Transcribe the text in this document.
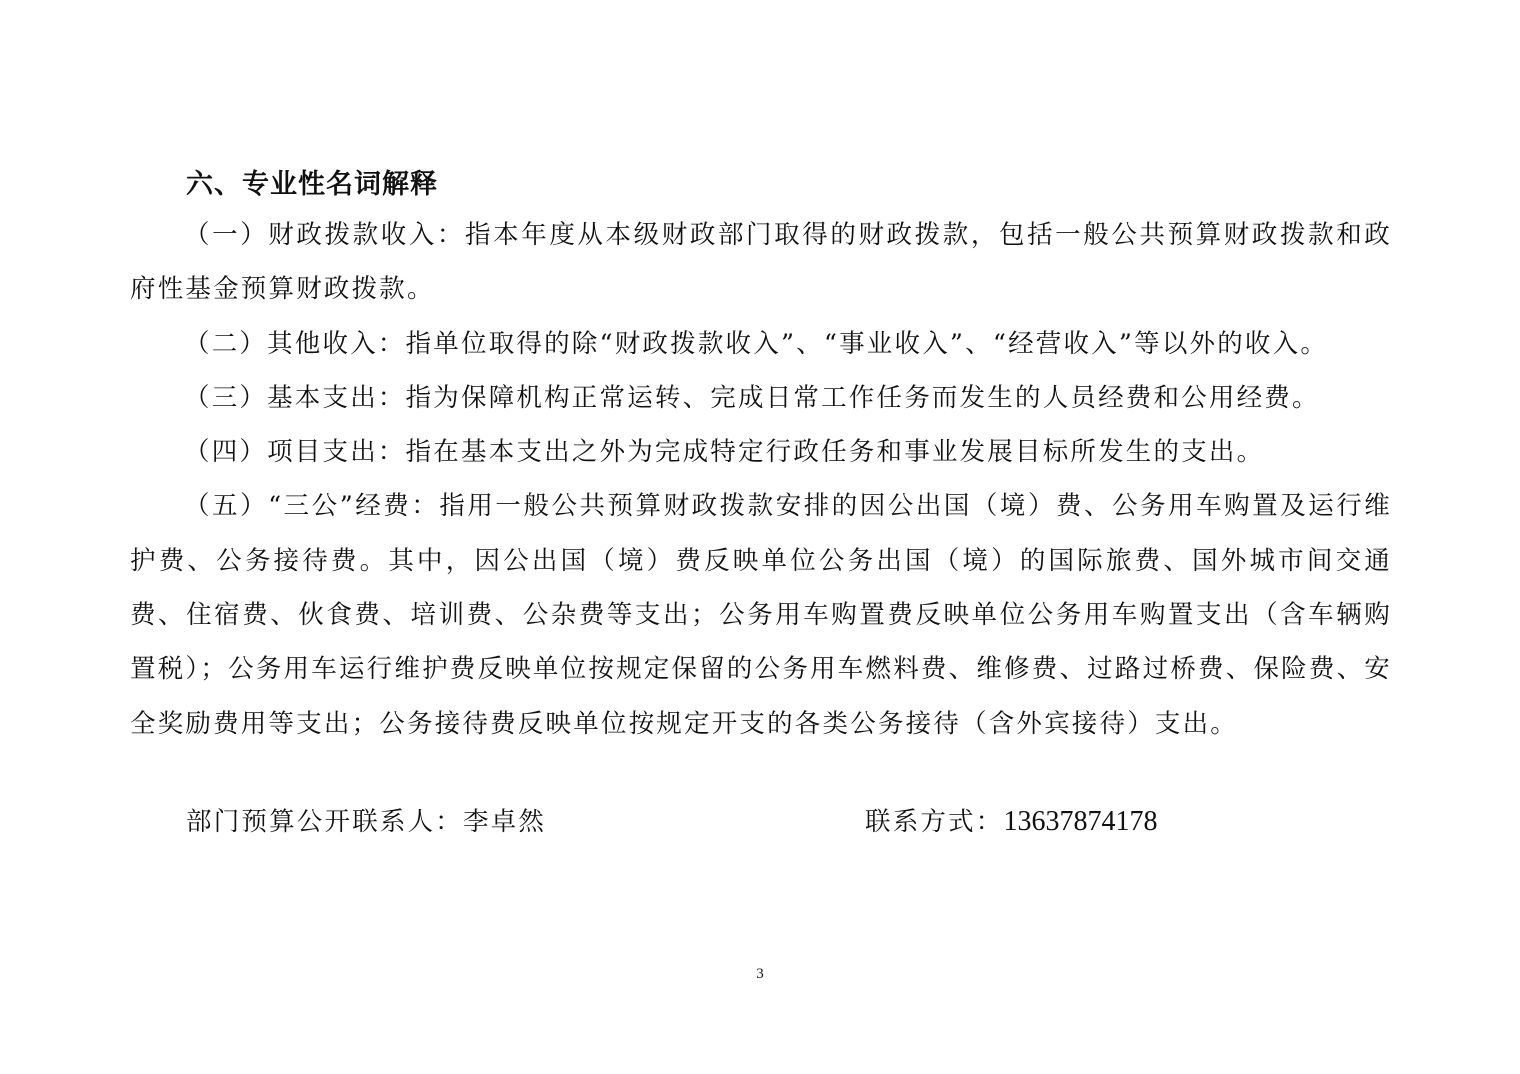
六、专业性名词解释

（一）财政拨款收入：指本年度从本级财政部门取得的财政拨款，包括一般公共预算财政拨款和政府性基金预算财政拨款。

（二）其他收入：指单位取得的除“财政拨款收入”、“事业收入”、“经营收入”等以外的收入。

（三）基本支出：指为保障机构正常运转、完成日常工作任务而发生的人员经费和公用经费。

（四）项目支出：指在基本支出之外为完成特定行政任务和事业发展目标所发生的支出。

（五）“三公”经费：指用一般公共预算财政拨款安排的因公出国（境）费、公务用车购置及运行维护费、公务接待费。其中，因公出国（境）费反映单位公务出国（境）的国际旅费、国外城市间交通费、住宿费、伙食费、培训费、公杂费等支出；公务用车购置费反映单位公务用车购置支出（含车辆购置税）；公务用车运行维护费反映单位按规定保留的公务用车燃料费、维修费、过路过桥费、保险费、安全奖励费用等支出；公务接待费反映单位按规定开支的各类公务接待（含外宾接待）支出。

部门预算公开联系人：李卓然	联系方式：13637874178
3
